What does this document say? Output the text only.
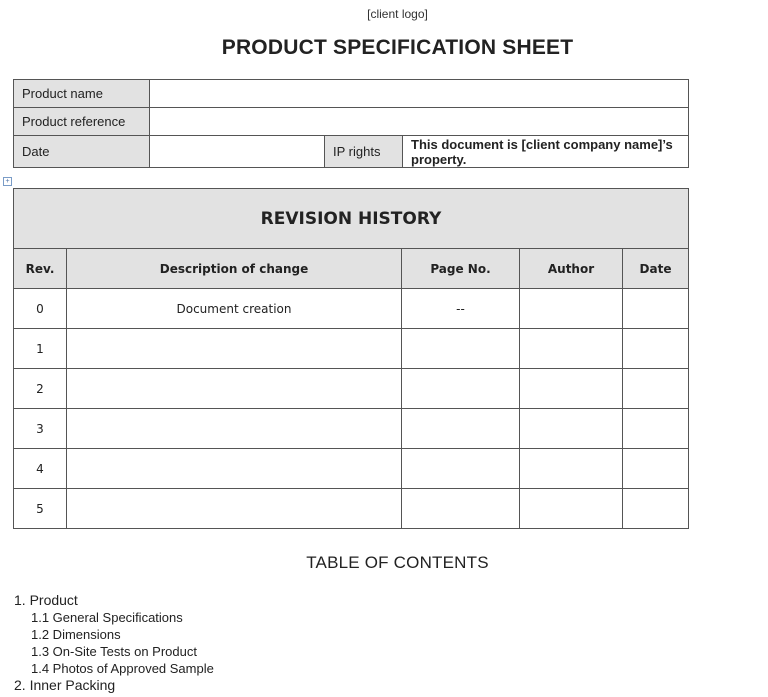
[client logo]
PRODUCT SPECIFICATION SHEET
Product name			
Product reference			
Date		IP rights	This document is [client company name]’s property.
+
REVISION HISTORY				
Rev.	Description of change	Page No.	Author	Date
0	Document creation	--		
1				
2				
3				
4				
5				
TABLE OF CONTENTS
1. Product
1.1 General Specifications
1.2 Dimensions
1.3 On-Site Tests on Product
1.4 Photos of Approved Sample
2. Inner Packing
